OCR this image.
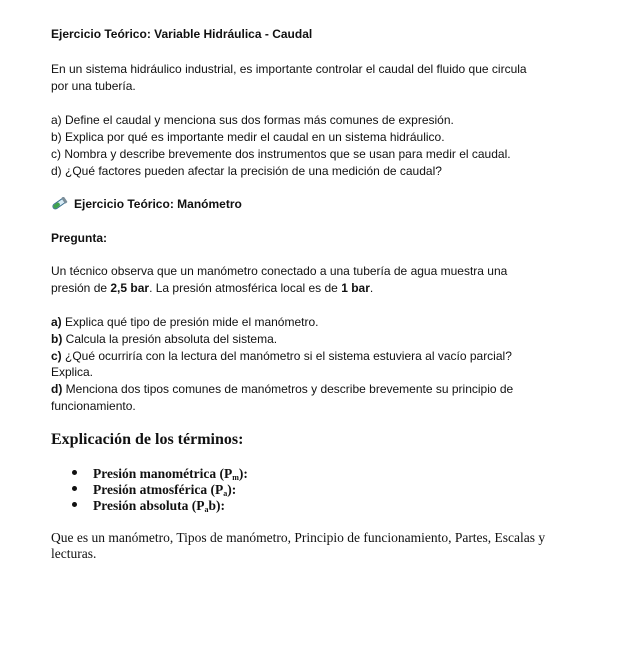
Ejercicio Teórico: Variable Hidráulica - Caudal
En un sistema hidráulico industrial, es importante controlar el caudal del fluido que circula
por una tubería.
a) Define el caudal y menciona sus dos formas más comunes de expresión.
b) Explica por qué es importante medir el caudal en un sistema hidráulico.
c) Nombra y describe brevemente dos instrumentos que se usan para medir el caudal.
d) ¿Qué factores pueden afectar la precisión de una medición de caudal?
Ejercicio Teórico: Manómetro
Pregunta:
Un técnico observa que un manómetro conectado a una tubería de agua muestra una
presión de 2,5 bar. La presión atmosférica local es de 1 bar.
a) Explica qué tipo de presión mide el manómetro.
b) Calcula la presión absoluta del sistema.
c) ¿Qué ocurriría con la lectura del manómetro si el sistema estuviera al vacío parcial?
Explica.
d) Menciona dos tipos comunes de manómetros y describe brevemente su principio de
funcionamiento.
Explicación de los términos:
Presión manométrica $(P_m)$:
Presión atmosférica $(P_a)$:
Presión absoluta $(P_ab)$:
Que es un manómetro, Tipos de manómetro, Principio de funcionamiento, Partes, Escalas y
lecturas.
